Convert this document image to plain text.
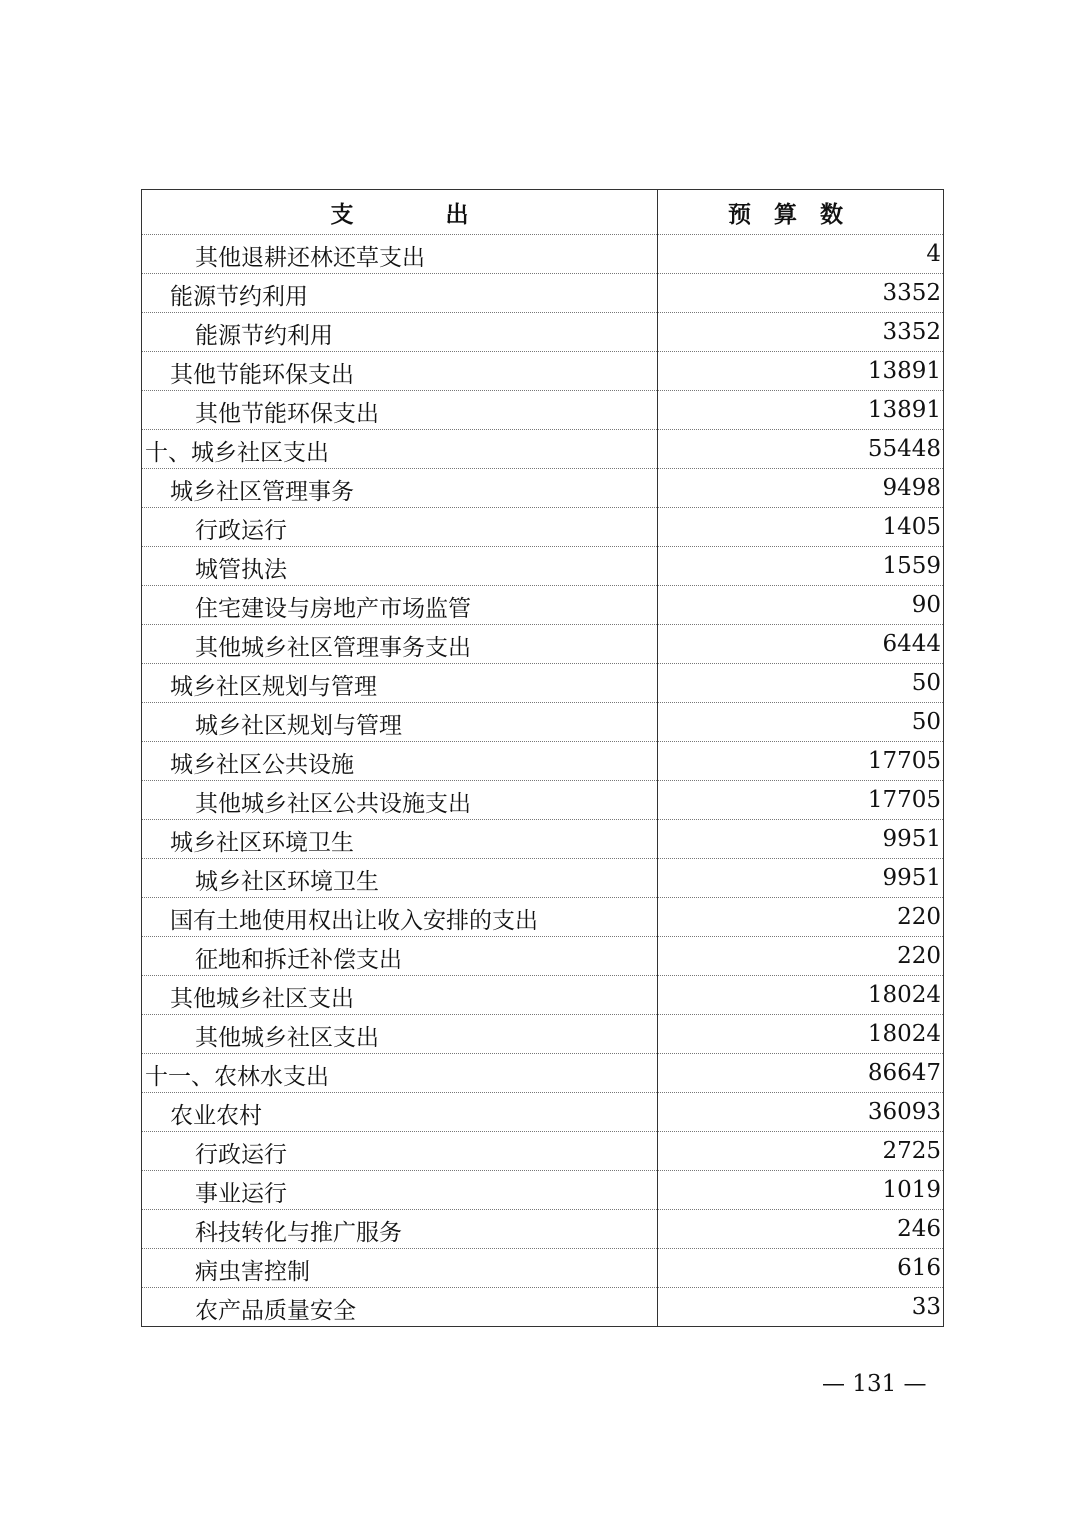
支　　　　出	预　算　数
其他退耕还林还草支出	4
能源节约利用	3352
能源节约利用	3352
其他节能环保支出	13891
其他节能环保支出	13891
十、城乡社区支出	55448
城乡社区管理事务	9498
行政运行	1405
城管执法	1559
住宅建设与房地产市场监管	90
其他城乡社区管理事务支出	6444
城乡社区规划与管理	50
城乡社区规划与管理	50
城乡社区公共设施	17705
其他城乡社区公共设施支出	17705
城乡社区环境卫生	9951
城乡社区环境卫生	9951
国有土地使用权出让收入安排的支出	220
征地和拆迁补偿支出	220
其他城乡社区支出	18024
其他城乡社区支出	18024
十一、农林水支出	86647
农业农村	36093
行政运行	2725
事业运行	1019
科技转化与推广服务	246
病虫害控制	616
农产品质量安全	33
— 131 —
